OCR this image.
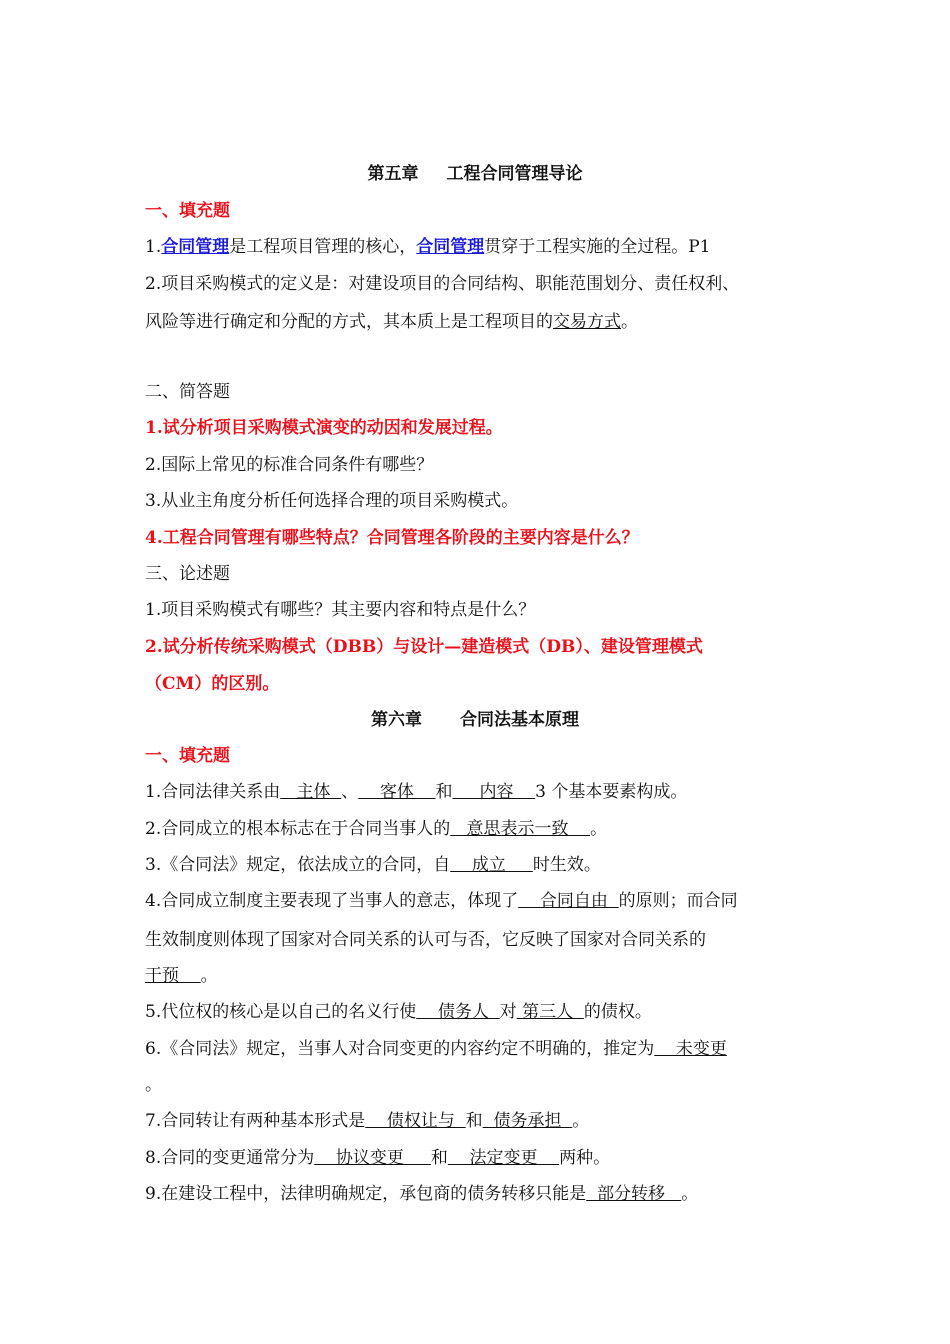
第五章 工程合同管理导论
一、填充题
1.合同管理是工程项目管理的核心，合同管理贯穿于工程实施的全过程。P1
2.项目采购模式的定义是：对建设项目的合同结构、职能范围划分、责任权利、
风险等进行确定和分配的方式，其本质上是工程项目的交易方式。
二、简答题
1.试分析项目采购模式演变的动因和发展过程。
2.国际上常见的标准合同条件有哪些？
3.从业主角度分析任何选择合理的项目采购模式。
4.工程合同管理有哪些特点？合同管理各阶段的主要内容是什么？
三、论述题
1.项目采购模式有哪些？其主要内容和特点是什么？
2.试分析传统采购模式（DBB）与设计—建造模式（DB）、建设管理模式
（CM）的区别。
第六章 合同法基本原理
一、填充题
1.合同法律关系由   主体  、    客体    和     内容    3 个基本要素构成。
2.合同成立的根本标志在于合同当事人的   意思表示一致    。
3.《合同法》规定，依法成立的合同，自    成立     时生效。
4.合同成立制度主要表现了当事人的意志，体现了    合同自由  的原则；而合同
生效制度则体现了国家对合同关系的认可与否，它反映了国家对合同关系的
干预    。
5.代位权的核心是以自己的名义行使    债务人  对 第三人  的债权。
6.《合同法》规定，当事人对合同变更的内容约定不明确的，推定为    未变更
。
7.合同转让有两种基本形式是    债权让与  和  债务承担  。
8.合同的变更通常分为    协议变更     和    法定变更    两种。
9.在建设工程中，法律明确规定，承包商的债务转移只能是  部分转移   。
